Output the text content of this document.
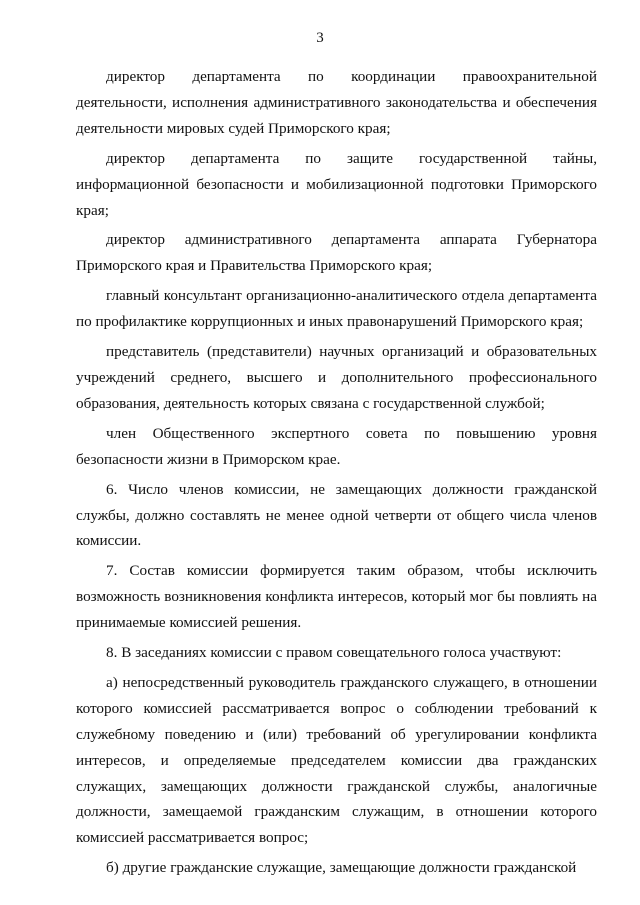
3

директор департамента по координации правоохранительной деятельности, исполнения административного законодательства и обеспечения деятельности мировых судей Приморского края;

директор департамента по защите государственной тайны, информационной безопасности и мобилизационной подготовки Приморского края;

директор административного департамента аппарата Губернатора Приморского края и Правительства Приморского края;

главный консультант организационно-аналитического отдела департамента по профилактике коррупционных и иных правонарушений Приморского края;

представитель (представители) научных организаций и образовательных учреждений среднего, высшего и дополнительного профессионального образования, деятельность которых связана с государственной службой;

член Общественного экспертного совета по повышению уровня безопасности жизни в Приморском крае.

6. Число членов комиссии, не замещающих должности гражданской службы, должно составлять не менее одной четверти от общего числа членов комиссии.

7. Состав комиссии формируется таким образом, чтобы исключить возможность возникновения конфликта интересов, который мог бы повлиять на принимаемые комиссией решения.

8. В заседаниях комиссии с правом совещательного голоса участвуют:

а) непосредственный руководитель гражданского служащего, в отношении которого комиссией рассматривается вопрос о соблюдении требований к служебному поведению и (или) требований об урегулировании конфликта интересов, и определяемые председателем комиссии два гражданских служащих, замещающих должности гражданской службы, аналогичные должности, замещаемой гражданским служащим, в отношении которого комиссией рассматривается вопрос;

б) другие гражданские служащие, замещающие должности гражданской
